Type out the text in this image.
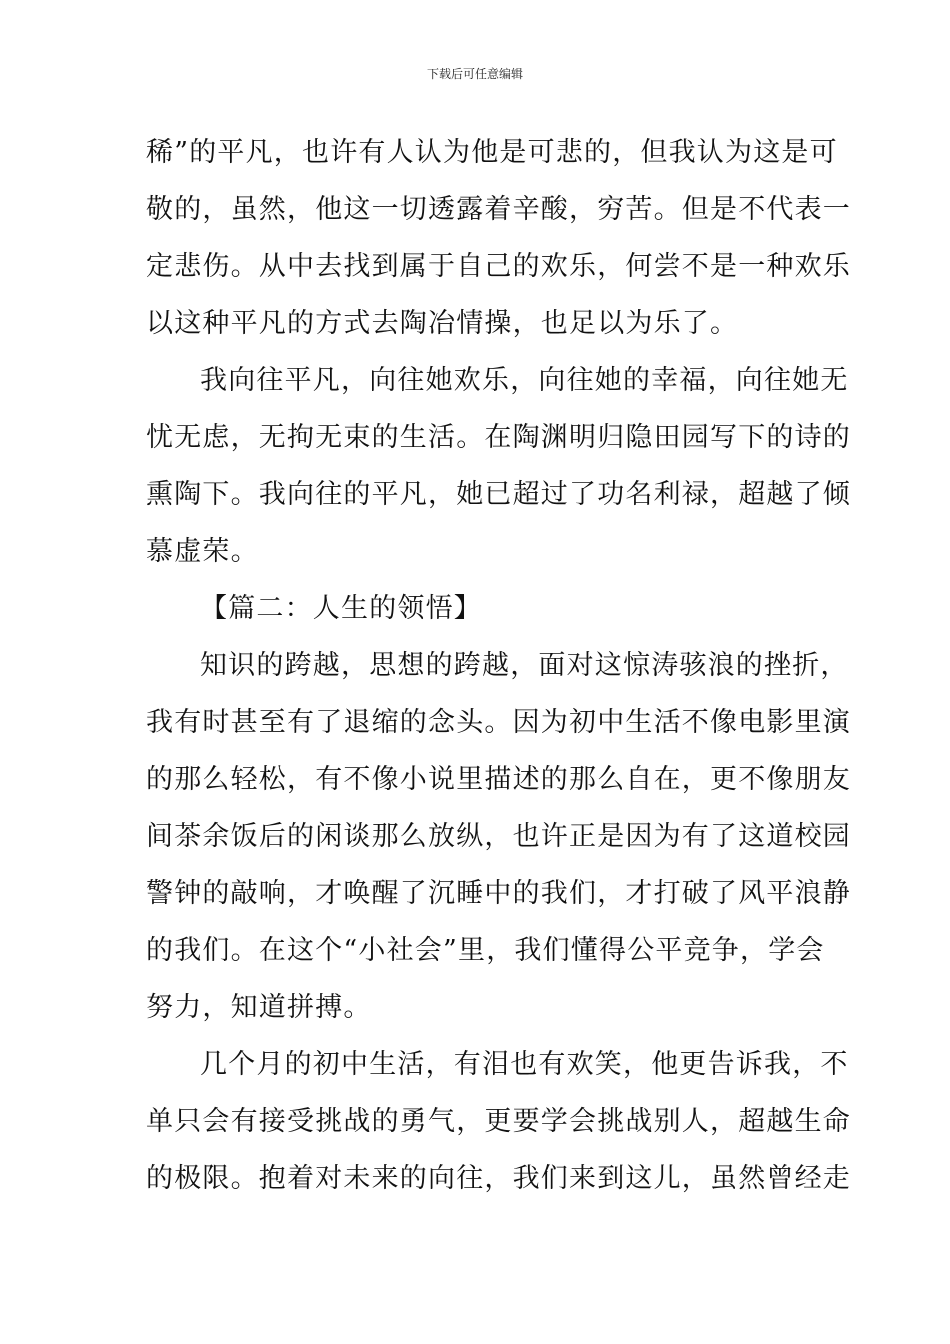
下载后可任意编辑
稀”的平凡，也许有人认为他是可悲的，但我认为这是可
敬的，虽然，他这一切透露着辛酸，穷苦。但是不代表一
定悲伤。从中去找到属于自己的欢乐，何尝不是一种欢乐
以这种平凡的方式去陶冶情操，也足以为乐了。
我向往平凡，向往她欢乐，向往她的幸福，向往她无
忧无虑，无拘无束的生活。在陶渊明归隐田园写下的诗的
熏陶下。我向往的平凡，她已超过了功名利禄，超越了倾
慕虚荣。
【篇二：人生的领悟】
知识的跨越，思想的跨越，面对这惊涛骇浪的挫折，
我有时甚至有了退缩的念头。因为初中生活不像电影里演
的那么轻松，有不像小说里描述的那么自在，更不像朋友
间茶余饭后的闲谈那么放纵，也许正是因为有了这道校园
警钟的敲响，才唤醒了沉睡中的我们，才打破了风平浪静
的我们。在这个“小社会”里，我们懂得公平竞争，学会
努力，知道拼搏。
几个月的初中生活，有泪也有欢笑，他更告诉我，不
单只会有接受挑战的勇气，更要学会挑战别人，超越生命
的极限。抱着对未来的向往，我们来到这儿，虽然曾经走
